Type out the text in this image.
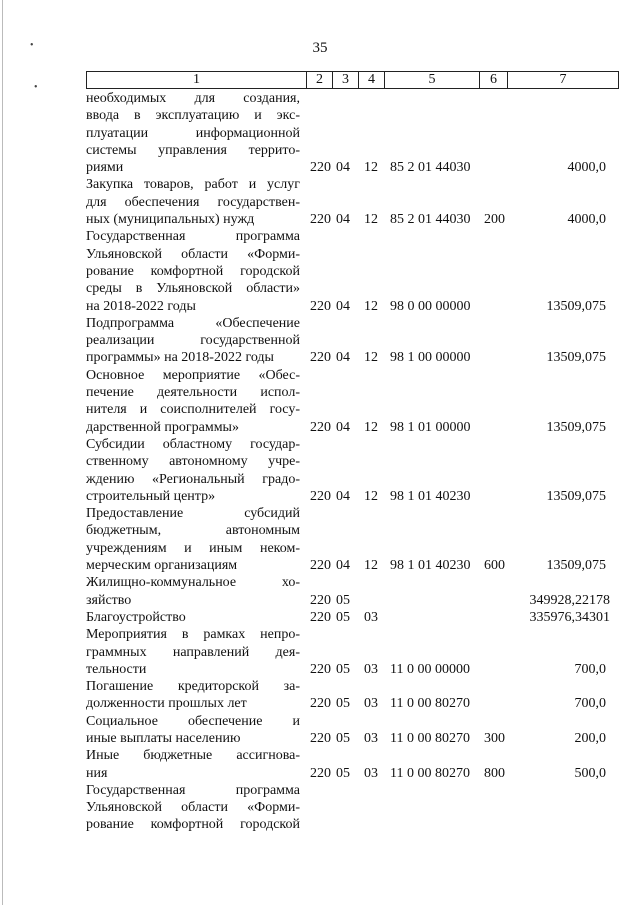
•
•
35
1	2	3	4	5	6	7
необходимых для создания,
ввода в эксплуатацию и экс-
плуатации информационной
системы управления террито-
риями	220 04 12 85 2 01 44030	4000,0
Закупка товаров, работ и услуг
для обеспечения государствен-
ных (муниципальных) нужд	220 04 12 85 2 01 44030 200	4000,0
Государственная программа
Ульяновской области «Форми-
рование комфортной городской
среды в Ульяновской области»
на 2018-2022 годы	220 04 12 98 0 00 00000	13509,075
Подпрограмма «Обеспечение
реализации государственной
программы» на 2018-2022 годы	220 04 12 98 1 00 00000	13509,075
Основное мероприятие «Обес-
печение деятельности испол-
нителя и соисполнителей госу-
дарственной программы»	220 04 12 98 1 01 00000	13509,075
Субсидии областному государ-
ственному автономному учре-
ждению «Региональный градо-
строительный центр»	220 04 12 98 1 01 40230	13509,075
Предоставление субсидий
бюджетным, автономным
учреждениям и иным неком-
мерческим организациям	220 04 12 98 1 01 40230 600	13509,075
Жилищно-коммунальное хо-
зяйство	220 05	349928,22178
Благоустройство	220 05 03	335976,34301
Мероприятия в рамках непро-
граммных направлений дея-
тельности	220 05 03 11 0 00 00000	700,0
Погашение кредиторской за-
долженности прошлых лет	220 05 03 11 0 00 80270	700,0
Социальное обеспечение и
иные выплаты населению	220 05 03 11 0 00 80270 300	200,0
Иные бюджетные ассигнова-
ния	220 05 03 11 0 00 80270 800	500,0
Государственная программа
Ульяновской области «Форми-
рование комфортной городской
